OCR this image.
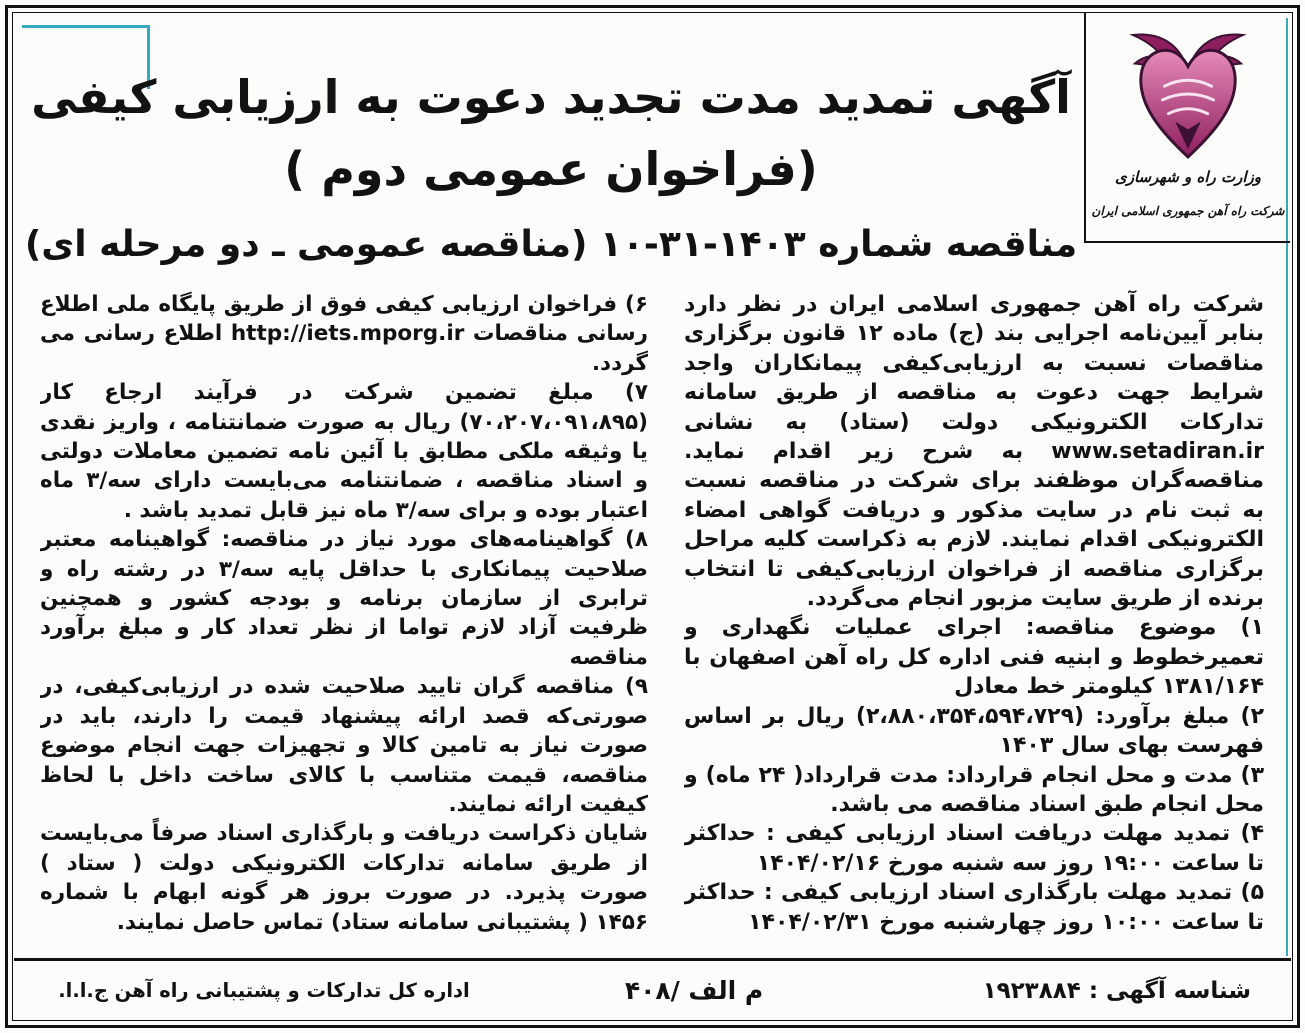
وزارت راه و شهرسازی
شرکت راه آهن جمهوری اسلامی ایران
آگهی تمدید مدت تجدید دعوت به ارزیابی کیفی
(فراخوان عمومی دوم )
مناقصه شماره ۱۴۰۳-۳۱-۱۰ (مناقصه عمومی ـ دو مرحله ای)

شرکت راه آهن جمهوری اسلامی ایران در نظر دارد بنابر آیین‌نامه اجرایی بند (ج) ماده ۱۲ قانون برگزاری مناقصات نسبت به ارزیابی‌کیفی پیمانکاران واجد شرایط جهت دعوت به مناقصه از طریق سامانه تدارکات الکترونیکی دولت (ستاد) به نشانی www.setadiran.ir به شرح زیر اقدام نماید. مناقصه‌گران موظفند برای شرکت در مناقصه نسبت به ثبت نام در سایت مذکور و دریافت گواهی امضاء الکترونیکی اقدام نمایند. لازم به ذکراست کلیه مراحل برگزاری مناقصه از فراخوان ارزیابی‌کیفی تا انتخاب برنده از طریق سایت مزبور انجام می‌گردد.

۱) موضوع مناقصه: اجرای عملیات نگهداری و تعمیرخطوط و ابنیه فنی اداره کل راه آهن اصفهان با ۱۳۸۱/۱۶۴ کیلومتر خط معادل

۲) مبلغ برآورد: (۲،۸۸۰،۳۵۴،۵۹۴،۷۲۹) ریال بر اساس فهرست بهای سال ۱۴۰۳

۳) مدت و محل انجام قرارداد: مدت قرارداد( ۲۴ ماه) و محل انجام طبق اسناد مناقصه می باشد.

۴) تمدید مهلت دریافت اسناد ارزیابی کیفی : حداکثر تا ساعت ۱۹:۰۰ روز سه شنبه مورخ ۱۴۰۴/۰۲/۱۶

۵) تمدید مهلت بارگذاری اسناد ارزیابی کیفی : حداکثر تا ساعت ۱۰:۰۰ روز چهارشنبه مورخ ۱۴۰۴/۰۲/۳۱

۶) فراخوان ارزیابی کیفی فوق از طریق پایگاه ملی اطلاع رسانی مناقصات http://iets.mporg.ir اطلاع رسانی می گردد.

۷) مبلغ تضمین شرکت در فرآیند ارجاع کار (۷۰،۲۰۷،۰۹۱،۸۹۵) ریال به صورت ضمانتنامه ، واریز نقدی یا وثیقه ملکی مطابق با آئین نامه تضمین معاملات دولتی و اسناد مناقصه ، ضمانتنامه می‌بایست دارای سه/۳ ماه اعتبار بوده و برای سه/۳ ماه نیز قابل تمدید باشد .

۸) گواهینامه‌های مورد نیاز در مناقصه: گواهینامه معتبر صلاحیت پیمانکاری با حداقل پایه سه/۳ در رشته راه و ترابری از سازمان برنامه و بودجه کشور و همچنین ظرفیت آزاد لازم تواما از نظر تعداد کار و مبلغ برآورد مناقصه

۹) مناقصه گران تایید صلاحیت شده در ارزیابی‌کیفی، در صورتی‌که قصد ارائه پیشنهاد قیمت را دارند، باید در صورت نیاز به تامین کالا و تجهیزات جهت انجام موضوع مناقصه، قیمت متناسب با کالای ساخت داخل با لحاظ کیفیت ارائه نمایند.

شایان ذکراست دریافت و بارگذاری اسناد صرفاً می‌بایست از طریق سامانه تدارکات الکترونیکی دولت ( ستاد ) صورت پذیرد. در صورت بروز هر گونه ابهام با شماره ۱۴۵۶ ( پشتیبانی سامانه ستاد) تماس حاصل نمایند.

شناسه آگهی : ۱۹۲۳۸۸۴
م الف /۴۰۸
اداره کل تدارکات و پشتیبانی راه آهن ج.ا.ا.
